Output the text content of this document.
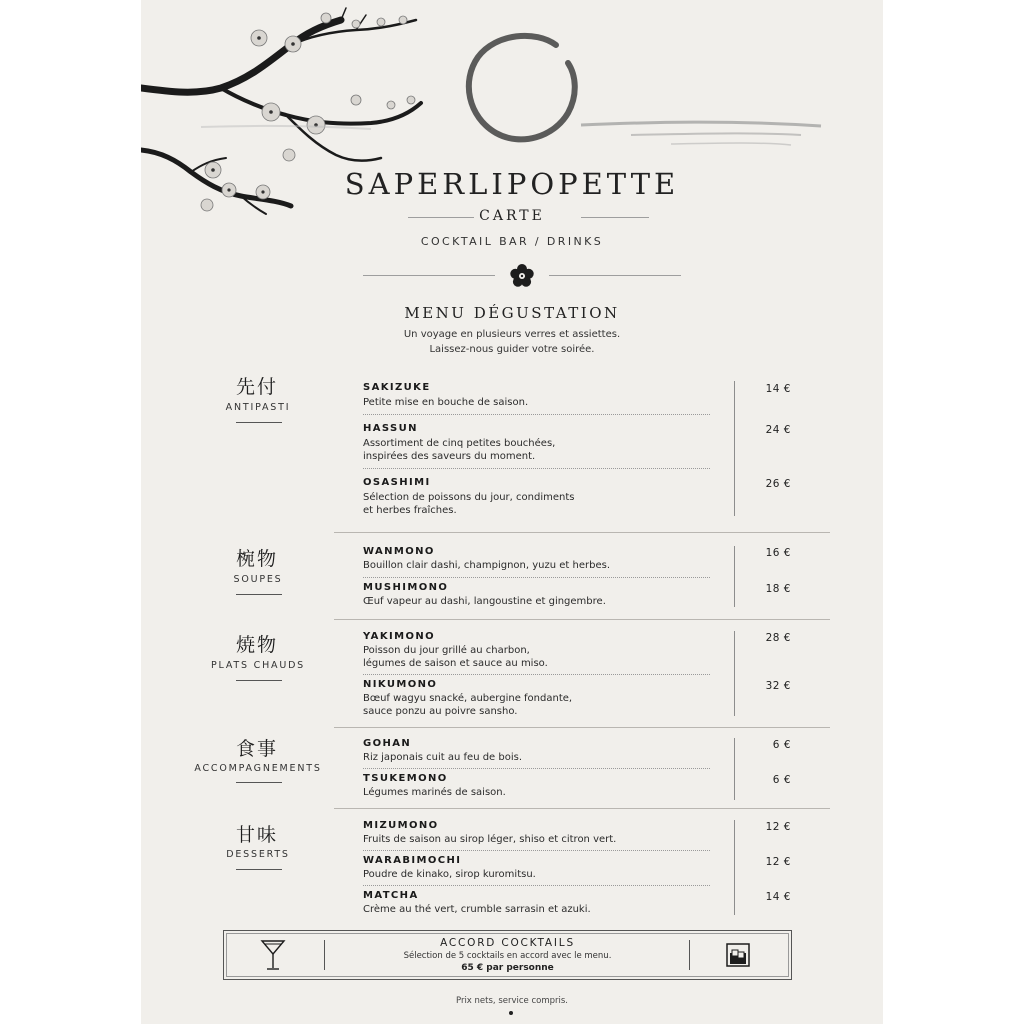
SAPERLIPOPETTE
CARTE
COCKTAIL BAR / DRINKS
MENU DÉGUSTATION
Un voyage en plusieurs verres et assiettes.
Laissez-nous guider votre soirée.
先付
ANTIPASTI
SAKIZUKE
Petite mise en bouche de saison.
14 €
HASSUN
Assortiment de cinq petites bouchées,
inspirées des saveurs du moment.
24 €
OSASHIMI
Sélection de poissons du jour, condiments
et herbes fraîches.
26 €
椀物
SOUPES
WANMONO
Bouillon clair dashi, champignon, yuzu et herbes.
16 €
MUSHIMONO
Œuf vapeur au dashi, langoustine et gingembre.
18 €
焼物
PLATS CHAUDS
YAKIMONO
Poisson du jour grillé au charbon,
légumes de saison et sauce au miso.
28 €
NIKUMONO
Bœuf wagyu snacké, aubergine fondante,
sauce ponzu au poivre sansho.
32 €
食事
ACCOMPAGNEMENTS
GOHAN
Riz japonais cuit au feu de bois.
6 €
TSUKEMONO
Légumes marinés de saison.
6 €
甘味
DESSERTS
MIZUMONO
Fruits de saison au sirop léger, shiso et citron vert.
12 €
WARABIMOCHI
Poudre de kinako, sirop kuromitsu.
12 €
MATCHA
Crème au thé vert, crumble sarrasin et azuki.
14 €
ACCORD COCKTAILS
Sélection de 5 cocktails en accord avec le menu.
65 € par personne
Prix nets, service compris.
